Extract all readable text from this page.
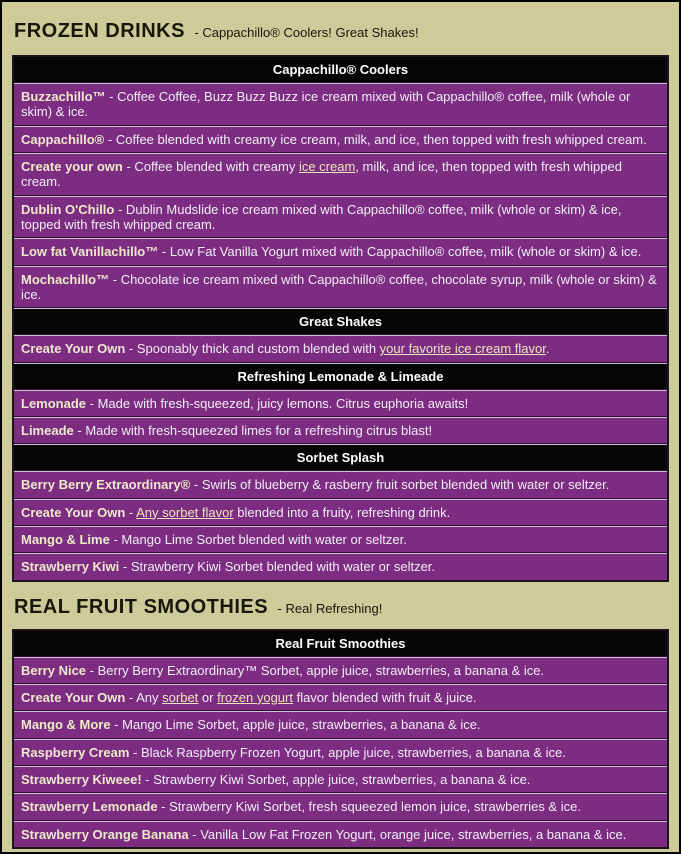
FROZEN DRINKS - Cappachillo® Coolers! Great Shakes!
Cappachillo® Coolers
Buzzachillo™ - Coffee Coffee, Buzz Buzz Buzz ice cream mixed with Cappachillo® coffee, milk (whole or skim) & ice.
Cappachillo® - Coffee blended with creamy ice cream, milk, and ice, then topped with fresh whipped cream.
Create your own - Coffee blended with creamy ice cream, milk, and ice, then topped with fresh whipped cream.
Dublin O'Chillo - Dublin Mudslide ice cream mixed with Cappachillo® coffee, milk (whole or skim) & ice, topped with fresh whipped cream.
Low fat Vanillachillo™ - Low Fat Vanilla Yogurt mixed with Cappachillo® coffee, milk (whole or skim) & ice.
Mochachillo™ - Chocolate ice cream mixed with Cappachillo® coffee, chocolate syrup, milk (whole or skim) & ice.
Great Shakes
Create Your Own - Spoonably thick and custom blended with your favorite ice cream flavor.
Refreshing Lemonade & Limeade
Lemonade - Made with fresh-squeezed, juicy lemons. Citrus euphoria awaits!
Limeade - Made with fresh-squeezed limes for a refreshing citrus blast!
Sorbet Splash
Berry Berry Extraordinary® - Swirls of blueberry & rasberry fruit sorbet blended with water or seltzer.
Create Your Own - Any sorbet flavor blended into a fruity, refreshing drink.
Mango & Lime - Mango Lime Sorbet blended with water or seltzer.
Strawberry Kiwi - Strawberry Kiwi Sorbet blended with water or seltzer.
REAL FRUIT SMOOTHIES - Real Refreshing!
Real Fruit Smoothies
Berry Nice - Berry Berry Extraordinary™ Sorbet, apple juice, strawberries, a banana & ice.
Create Your Own - Any sorbet or frozen yogurt flavor blended with fruit & juice.
Mango & More - Mango Lime Sorbet, apple juice, strawberries, a banana & ice.
Raspberry Cream - Black Raspberry Frozen Yogurt, apple juice, strawberries, a banana & ice.
Strawberry Kiweee! - Strawberry Kiwi Sorbet, apple juice, strawberries, a banana & ice.
Strawberry Lemonade - Strawberry Kiwi Sorbet, fresh squeezed lemon juice, strawberries & ice.
Strawberry Orange Banana - Vanilla Low Fat Frozen Yogurt, orange juice, strawberries, a banana & ice.
